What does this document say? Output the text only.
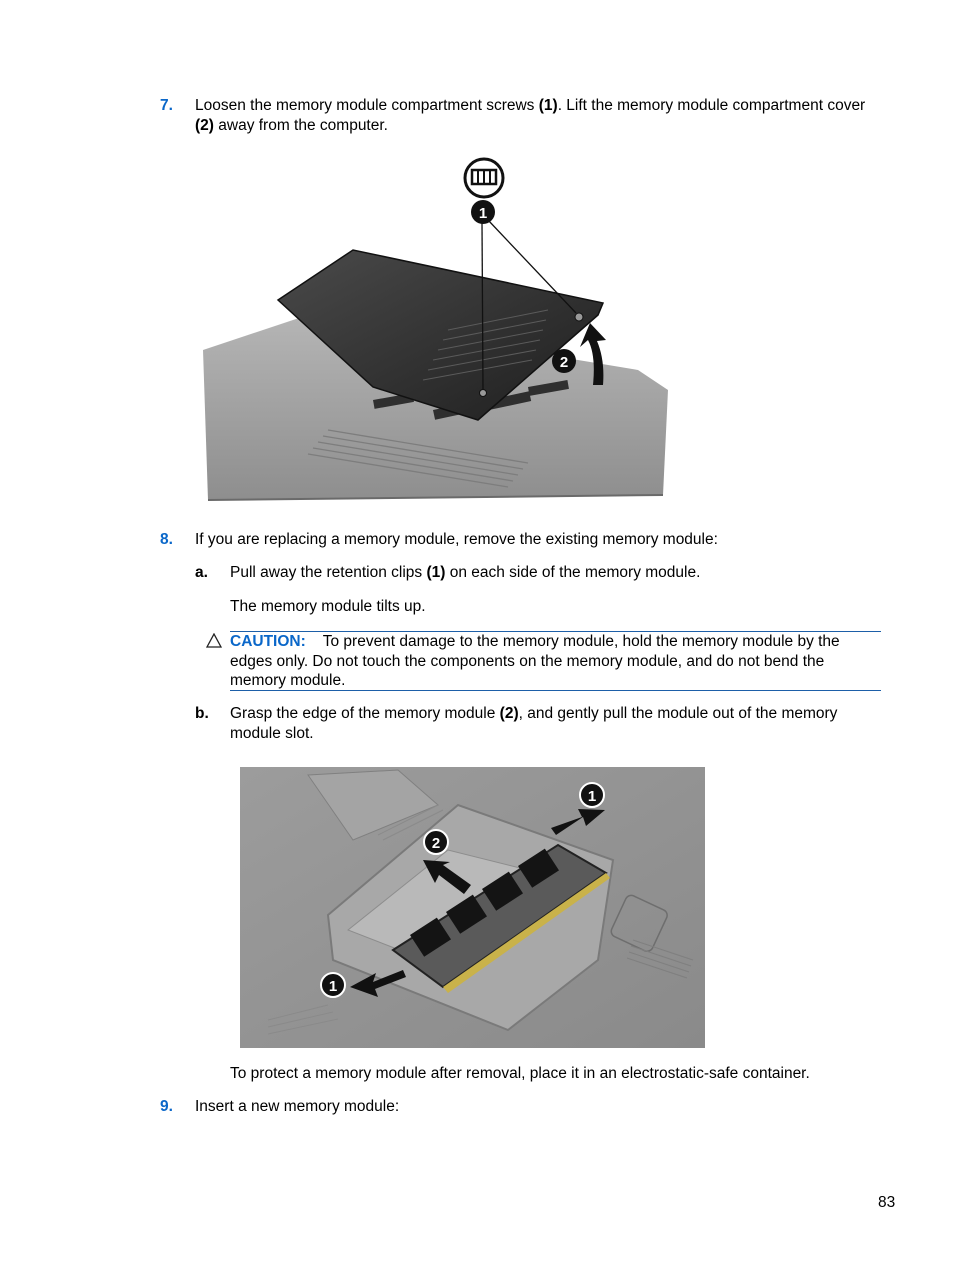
7. Loosen the memory module compartment screws (1). Lift the memory module compartment cover
(2) away from the computer.
1
2
8. If you are replacing a memory module, remove the existing memory module:
a. Pull away the retention clips (1) on each side of the memory module.
The memory module tilts up.
CAUTION: To prevent damage to the memory module, hold the memory module by the edges only. Do not touch the components on the memory module, and do not bend the memory module.
b. Grasp the edge of the memory module (2), and gently pull the module out of the memory module slot.
1
1
2
To protect a memory module after removal, place it in an electrostatic-safe container.
9. Insert a new memory module:
83
